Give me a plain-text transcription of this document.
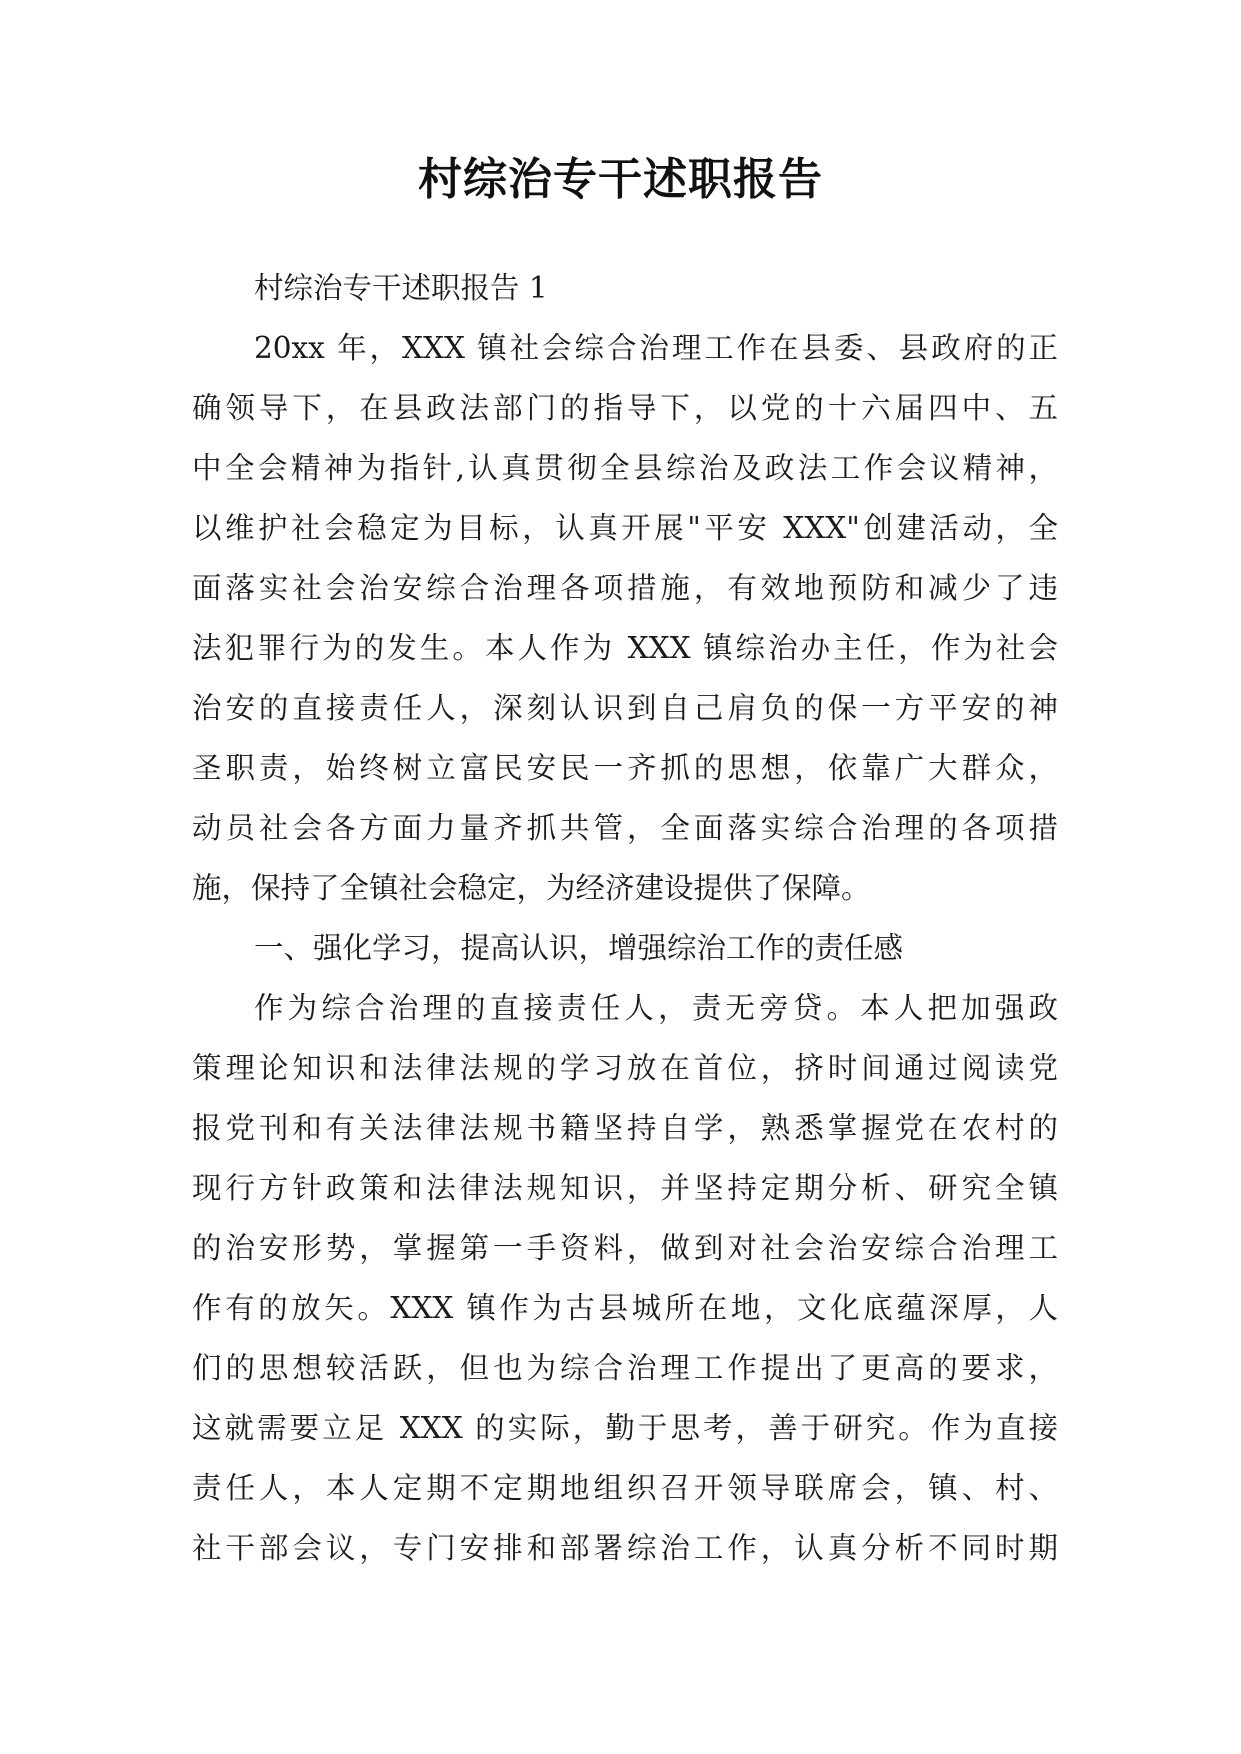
村综治专干述职报告
村综治专干述职报告 1
20xx 年，XXX 镇社会综合治理工作在县委、县政府的正
确领导下，在县政法部门的指导下，以党的十六届四中、五
中全会精神为指针,认真贯彻全县综治及政法工作会议精神，
以维护社会稳定为目标，认真开展"平安 XXX"创建活动，全
面落实社会治安综合治理各项措施，有效地预防和减少了违
法犯罪行为的发生。本人作为 XXX 镇综治办主任，作为社会
治安的直接责任人，深刻认识到自己肩负的保一方平安的神
圣职责，始终树立富民安民一齐抓的思想，依靠广大群众，
动员社会各方面力量齐抓共管，全面落实综合治理的各项措
施，保持了全镇社会稳定，为经济建设提供了保障。
一、强化学习，提高认识，增强综治工作的责任感
作为综合治理的直接责任人，责无旁贷。本人把加强政
策理论知识和法律法规的学习放在首位，挤时间通过阅读党
报党刊和有关法律法规书籍坚持自学，熟悉掌握党在农村的
现行方针政策和法律法规知识，并坚持定期分析、研究全镇
的治安形势，掌握第一手资料，做到对社会治安综合治理工
作有的放矢。XXX 镇作为古县城所在地，文化底蕴深厚，人
们的思想较活跃，但也为综合治理工作提出了更高的要求，
这就需要立足 XXX 的实际，勤于思考，善于研究。作为直接
责任人，本人定期不定期地组织召开领导联席会，镇、村、
社干部会议，专门安排和部署综治工作，认真分析不同时期
